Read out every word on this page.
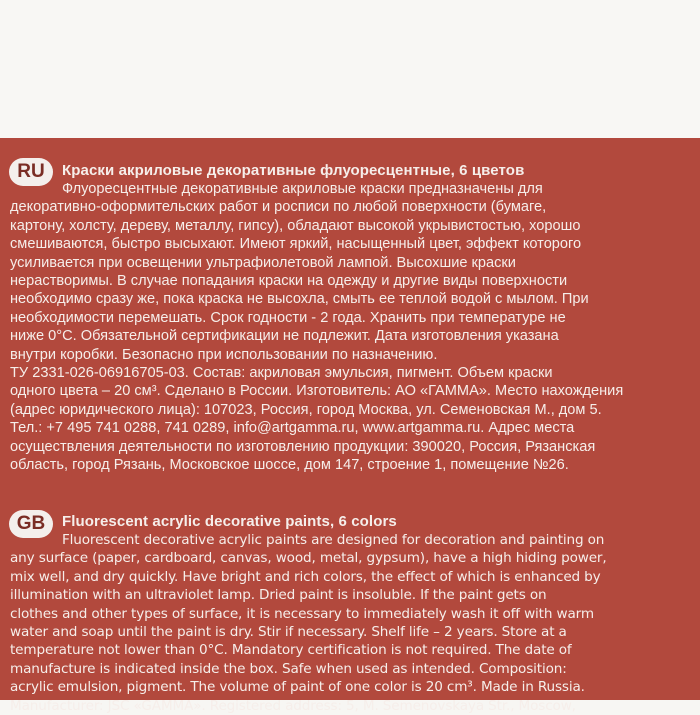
RU	Краски акриловые декоративные флуоресцентные, 6 цветов
Флуоресцентные декоративные акриловые краски предназначены для
декоративно-оформительских работ и росписи по любой поверхности (бумаге,
картону, холсту, дереву, металлу, гипсу), обладают высокой укрывистостью, хорошо
смешиваются, быстро высыхают. Имеют яркий, насыщенный цвет, эффект которого
усиливается при освещении ультрафиолетовой лампой. Высохшие краски
нерастворимы. В случае попадания краски на одежду и другие виды поверхности
необходимо сразу же, пока краска не высохла, смыть ее теплой водой с мылом. При
необходимости перемешать. Срок годности - 2 года. Хранить при температуре не
ниже 0°С. Обязательной сертификации не подлежит. Дата изготовления указана
внутри коробки. Безопасно при использовании по назначению.
ТУ 2331-026-06916705-03. Состав: акриловая эмульсия, пигмент. Объем краски
одного цвета – 20 см³. Сделано в России. Изготовитель: АО «ГАММА». Место нахождения
(адрес юридического лица): 107023, Россия, город Москва, ул. Семеновская М., дом 5.
Тел.: +7 495 741 0288, 741 0289, info@artgamma.ru, www.artgamma.ru. Адрес места
осуществления деятельности по изготовлению продукции: 390020, Россия, Рязанская
область, город Рязань, Московское шоссе, дом 147, строение 1, помещение №26.
GB	Fluorescent acrylic decorative paints, 6 colors
Fluorescent decorative acrylic paints are designed for decoration and painting on
any surface (paper, cardboard, canvas, wood, metal, gypsum), have a high hiding power,
mix well, and dry quickly. Have bright and rich colors, the effect of which is enhanced by
illumination with an ultraviolet lamp. Dried paint is insoluble. If the paint gets on
clothes and other types of surface, it is necessary to immediately wash it off with warm
water and soap until the paint is dry. Stir if necessary. Shelf life – 2 years. Store at a
temperature not lower than 0°C. Mandatory certification is not required. The date of
manufacture is indicated inside the box. Safe when used as intended. Composition:
acrylic emulsion, pigment. The volume of paint of one color is 20 cm³. Made in Russia.
Manufacturer: JSC «GAMMA». Registered address: 5, M. Semenovskaya Str., Moscow,
